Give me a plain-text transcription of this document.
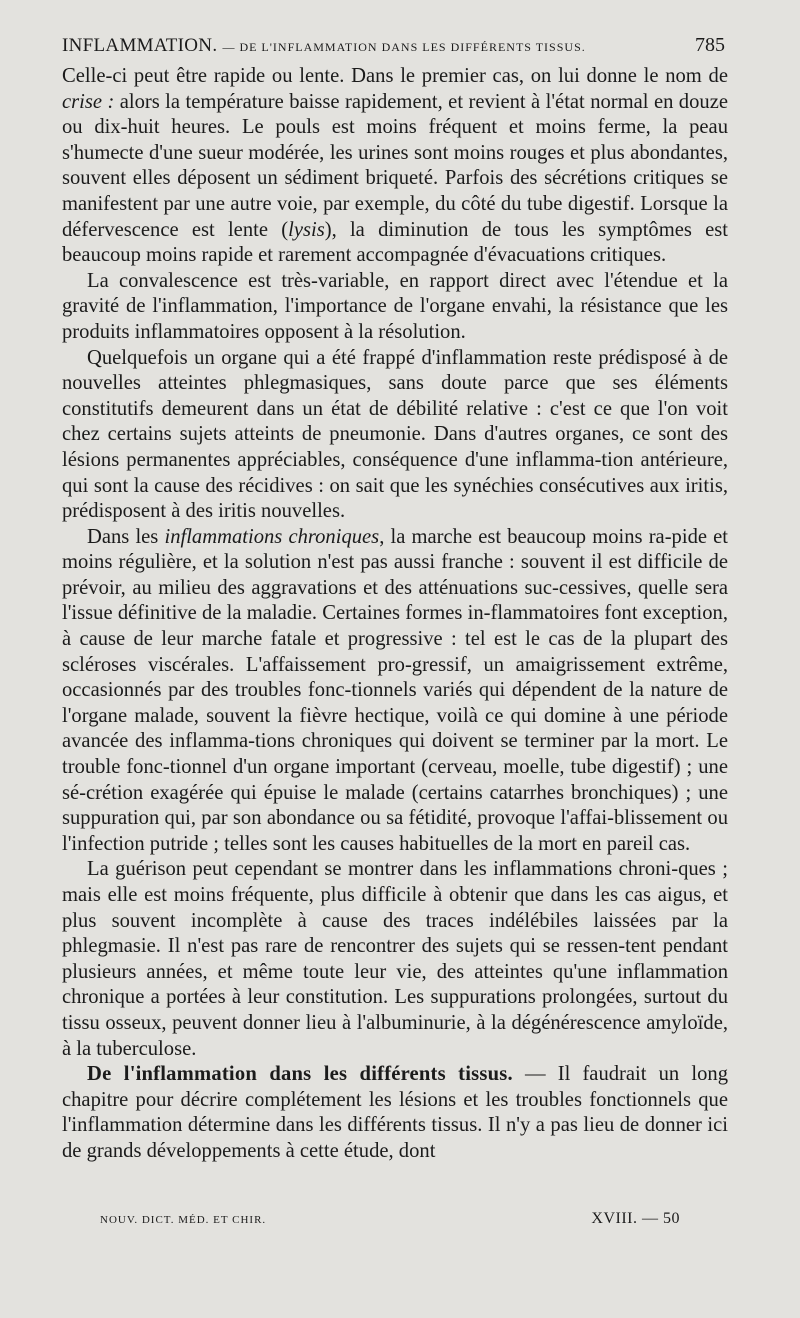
INFLAMMATION. — DE L'INFLAMMATION DANS LES DIFFÉRENTS TISSUS.	785

Celle-ci peut être rapide ou lente. Dans le premier cas, on lui donne le nom de crise : alors la température baisse rapidement, et revient à l'état normal en douze ou dix-huit heures. Le pouls est moins fréquent et moins ferme, la peau s'humecte d'une sueur modérée, les urines sont moins rouges et plus abondantes, souvent elles déposent un sédiment briqueté. Parfois des sécrétions critiques se manifestent par une autre voie, par exemple, du côté du tube digestif. Lorsque la défervescence est lente (lysis), la diminution de tous les symptômes est beaucoup moins rapide et rarement accompagnée d'évacuations critiques.

La convalescence est très-variable, en rapport direct avec l'étendue et la gravité de l'inflammation, l'importance de l'organe envahi, la résistance que les produits inflammatoires opposent à la résolution.

Quelquefois un organe qui a été frappé d'inflammation reste prédisposé à de nouvelles atteintes phlegmasiques, sans doute parce que ses éléments constitutifs demeurent dans un état de débilité relative : c'est ce que l'on voit chez certains sujets atteints de pneumonie. Dans d'autres organes, ce sont des lésions permanentes appréciables, conséquence d'une inflamma-tion antérieure, qui sont la cause des récidives : on sait que les synéchies consécutives aux iritis, prédisposent à des iritis nouvelles.

Dans les inflammations chroniques, la marche est beaucoup moins ra-pide et moins régulière, et la solution n'est pas aussi franche : souvent il est difficile de prévoir, au milieu des aggravations et des atténuations suc-cessives, quelle sera l'issue définitive de la maladie. Certaines formes in-flammatoires font exception, à cause de leur marche fatale et progressive : tel est le cas de la plupart des scléroses viscérales. L'affaissement pro-gressif, un amaigrissement extrême, occasionnés par des troubles fonc-tionnels variés qui dépendent de la nature de l'organe malade, souvent la fièvre hectique, voilà ce qui domine à une période avancée des inflamma-tions chroniques qui doivent se terminer par la mort. Le trouble fonc-tionnel d'un organe important (cerveau, moelle, tube digestif) ; une sé-crétion exagérée qui épuise le malade (certains catarrhes bronchiques) ; une suppuration qui, par son abondance ou sa fétidité, provoque l'affai-blissement ou l'infection putride ; telles sont les causes habituelles de la mort en pareil cas.

La guérison peut cependant se montrer dans les inflammations chroni-ques ; mais elle est moins fréquente, plus difficile à obtenir que dans les cas aigus, et plus souvent incomplète à cause des traces indélébiles laissées par la phlegmasie. Il n'est pas rare de rencontrer des sujets qui se ressen-tent pendant plusieurs années, et même toute leur vie, des atteintes qu'une inflammation chronique a portées à leur constitution. Les suppurations prolongées, surtout du tissu osseux, peuvent donner lieu à l'albuminurie, à la dégénérescence amyloïde, à la tuberculose.

De l'inflammation dans les différents tissus. — Il faudrait un long chapitre pour décrire complétement les lésions et les troubles fonctionnels que l'inflammation détermine dans les différents tissus. Il n'y a pas lieu de donner ici de grands développements à cette étude, dont

NOUV. DICT. MÉD. ET CHIR.	XVIII. — 50
